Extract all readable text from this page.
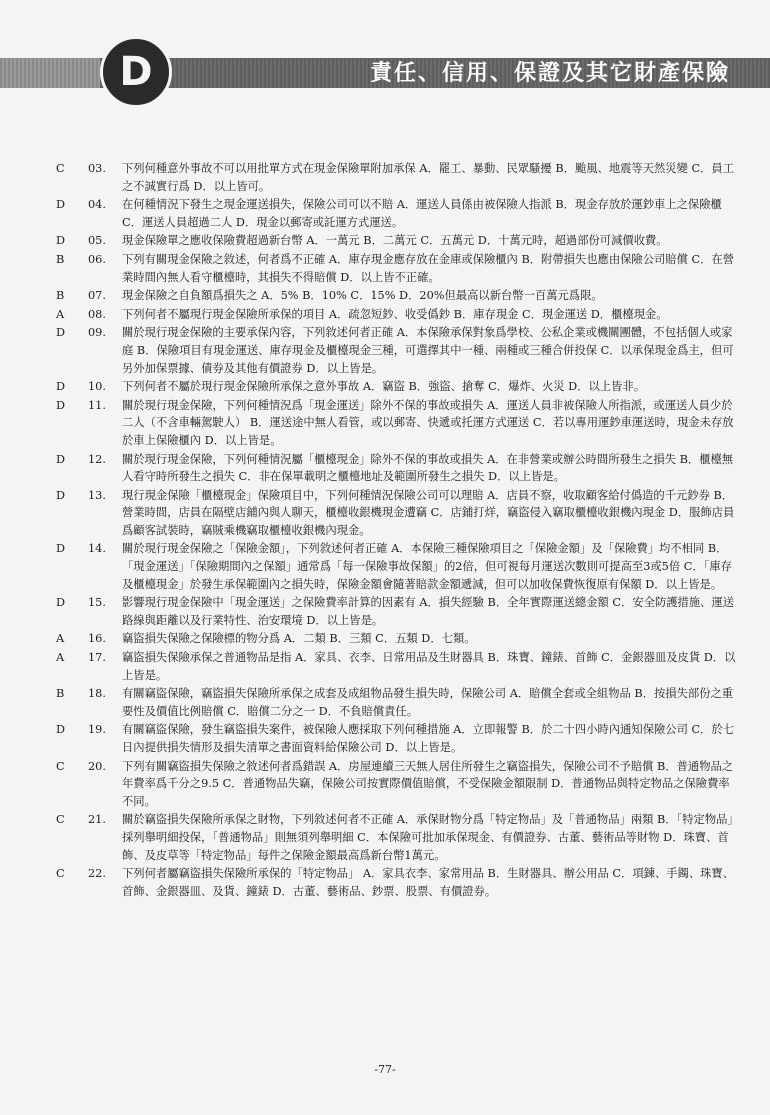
D	責任、信用、保證及其它財產保險
C	03.	下列何種意外事故不可以用批單方式在現金保險單附加承保 A．罷工、暴動、民眾騷擾 B．颱風、地震等天然災變 C．員工之不誠實行爲 D．以上皆可。
D	04.	在何種情況下發生之現金運送損失，保險公司可以不賠 A．運送人員係由被保險人指派 B．現金存放於運鈔車上之保險櫃 C．運送人員超過二人 D．現金以郵寄或託運方式運送。
D	05.	現金保險單之應收保險費超過新台幣 A．一萬元 B．二萬元 C．五萬元 D．十萬元時，超過部份可減價收費。
B	06.	下列有關現金保險之敘述，何者爲不正確 A．庫存現金應存放在金庫或保險櫃內 B．附帶損失也應由保險公司賠償 C．在營業時間內無人看守櫃檯時，其損失不得賠償 D．以上皆不正確。
B	07.	現金保險之自負額爲損失之 A．5% B．10% C．15% D．20%但最高以新台幣一百萬元爲限。
A	08.	下列何者不屬現行現金保險所承保的項目 A．疏忽短鈔、收受僞鈔 B．庫存現金 C．現金運送 D．櫃檯現金。
D	09.	關於現行現金保險的主要承保內容，下列敘述何者正確 A．本保險承保對象爲學校、公私企業或機關團體，不包括個人或家庭 B．保險項目有現金運送、庫存現金及櫃檯現金三種，可選擇其中一種、兩種或三種合併投保 C．以承保現金爲主，但可另外加保票據、債券及其他有價證券 D．以上皆是。
D	10.	下列何者不屬於現行現金保險所承保之意外事故 A．竊盜 B．強盜、搶奪 C．爆炸、火災 D．以上皆非。
D	11.	關於現行現金保險，下列何種情況爲「現金運送」除外不保的事故或損失 A．運送人員非被保險人所指派，或運送人員少於二人（不含車輛駕駛人） B．運送途中無人看管，或以郵寄、快遞或托運方式運送 C．若以專用運鈔車運送時，現金未存放於車上保險櫃內 D．以上皆是。
D	12.	關於現行現金保險，下列何種情況屬「櫃檯現金」除外不保的事故或損失 A．在非營業或辦公時間所發生之損失 B．櫃檯無人看守時所發生之損失 C．非在保單載明之櫃檯地址及範圍所發生之損失 D．以上皆是。
D	13.	現行現金保險「櫃檯現金」保險項目中，下列何種情況保險公司可以理賠 A．店員不察，收取顧客給付僞造的千元鈔券 B．營業時間，店員在隔壁店鋪內與人聊天，櫃檯收銀機現金遭竊 C．店鋪打烊，竊盜侵入竊取櫃檯收銀機內現金 D．服飾店員爲顧客試裝時，竊賊乘機竊取櫃檯收銀機內現金。
D	14.	關於現行現金保險之「保險金額」，下列敘述何者正確 A．本保險三種保險項目之「保險金額」及「保險費」均不相同 B．「現金運送」「保險期間內之保額」通常爲「每一保險事故保額」的2倍，但可視每月運送次數則可提高至3或5倍 C．「庫存及櫃檯現金」於發生承保範圍內之損失時，保險金額會隨著賠款金額遞減，但可以加收保費恢復原有保額 D．以上皆是。
D	15.	影響現行現金保險中「現金運送」之保險費率計算的因素有 A．損失經驗 B．全年實際運送總金額 C．安全防護措施、運送路線與距離以及行業特性、治安環境 D．以上皆是。
A	16.	竊盜損失保險之保險標的物分爲 A．二類 B．三類 C．五類 D．七類。
A	17.	竊盜損失保險承保之普通物品是指 A．家具、衣李、日常用品及生財器具 B．珠寶、鐘錶、首飾 C．金銀器皿及皮貨 D．以上皆是。
B	18.	有關竊盜保險，竊盜損失保險所承保之成套及成組物品發生損失時，保險公司 A．賠償全套或全組物品 B．按損失部份之重要性及價值比例賠償 C．賠償二分之一 D．不負賠償責任。
D	19.	有關竊盜保險，發生竊盜損失案件，被保險人應採取下列何種措施 A．立即報警 B．於二十四小時內通知保險公司 C．於七日內提供損失情形及損失清單之書面資料給保險公司 D．以上皆是。
C	20.	下列有關竊盜損失保險之敘述何者爲錯誤 A．房屋連續三天無人居住所發生之竊盜損失，保險公司不予賠償 B．普通物品之年費率爲千分之9.5 C．普通物品失竊，保險公司按實際價值賠償，不受保險金額限制 D．普通物品與特定物品之保險費率不同。
C	21.	關於竊盜損失保險所承保之財物，下列敘述何者不正確 A．承保財物分爲「特定物品」及「普通物品」兩類 B．「特定物品」採列舉明細投保，「普通物品」則無須列舉明細 C．本保險可批加承保現金、有價證券、古董、藝術品等財物 D．珠寶、首飾、及皮草等「特定物品」每件之保險金額最高爲新台幣1萬元。
C	22.	下列何者屬竊盜損失保險所承保的「特定物品」 A．家具衣李、家常用品 B．生財器具、辦公用品 C．項鍊、手鐲、珠寶、首飾、金銀器皿、及貨、鐘錶 D．古董、藝術品、鈔票、股票、有價證券。
-77-
